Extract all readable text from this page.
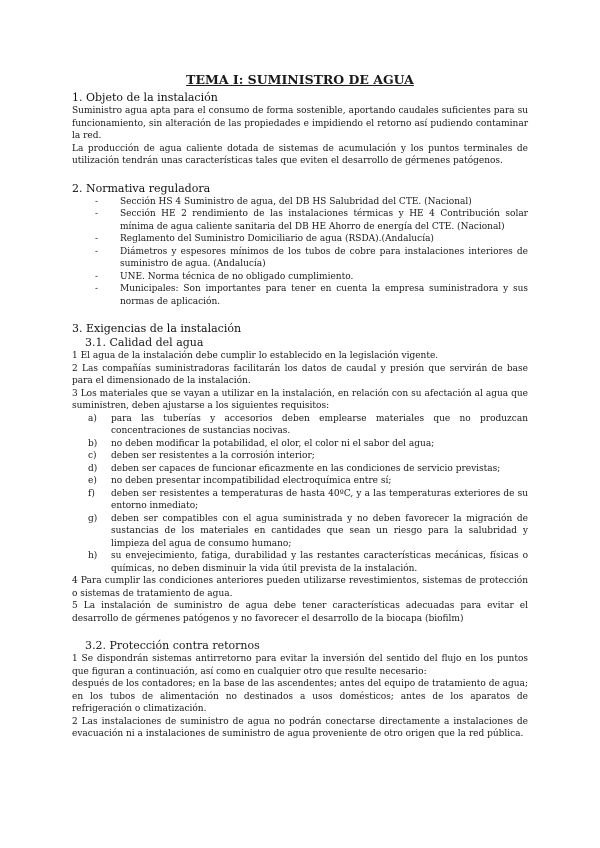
TEMA I: SUMINISTRO DE AGUA
1. Objeto de la instalación

Suministro agua apta para el consumo de forma sostenible, aportando caudales suficientes para su funcionamiento, sin alteración de las propiedades e impidiendo el retorno así pudiendo contaminar la red.

La producción de agua caliente dotada de sistemas de acumulación y los puntos terminales de utilización tendrán unas características tales que eviten el desarrollo de gérmenes patógenos.

2. Normativa reguladora
- Sección HS 4 Suministro de agua, del DB HS Salubridad del CTE. (Nacional)
- Sección HE 2 rendimiento de las instalaciones térmicas y HE 4 Contribución solar mínima de agua caliente sanitaria del DB HE Ahorro de energía del CTE. (Nacional)
- Reglamento del Suministro Domiciliario de agua (RSDA).(Andalucía)
- Diámetros y espesores mínimos de los tubos de cobre para instalaciones interiores de suministro de agua. (Andalucía)
- UNE. Norma técnica de no obligado cumplimiento.
- Municipales: Son importantes para tener en cuenta la empresa suministradora y sus normas de aplicación.
3. Exigencias de la instalación
3.1. Calidad del agua

1 El agua de la instalación debe cumplir lo establecido en la legislación vigente.

2 Las compañías suministradoras facilitarán los datos de caudal y presión que servirán de base para el dimensionado de la instalación.

3 Los materiales que se vayan a utilizar en la instalación, en relación con su afectación al agua que suministren, deben ajustarse a los siguientes requisitos:

a) para las tuberías y accesorios deben emplearse materiales que no produzcan concentraciones de sustancias nocivas.
b) no deben modificar la potabilidad, el olor, el color ni el sabor del agua;
c) deben ser resistentes a la corrosión interior;
d) deben ser capaces de funcionar eficazmente en las condiciones de servicio previstas;
e) no deben presentar incompatibilidad electroquímica entre sí;
f) deben ser resistentes a temperaturas de hasta 40ºC, y a las temperaturas exteriores de su entorno inmediato;
g) deben ser compatibles con el agua suministrada y no deben favorecer la migración de sustancias de los materiales en cantidades que sean un riesgo para la salubridad y limpieza del agua de consumo humano;
h) su envejecimiento, fatiga, durabilidad y las restantes características mecánicas, físicas o químicas, no deben disminuir la vida útil prevista de la instalación.

4 Para cumplir las condiciones anteriores pueden utilizarse revestimientos, sistemas de protección o sistemas de tratamiento de agua.

5 La instalación de suministro de agua debe tener características adecuadas para evitar el desarrollo de gérmenes patógenos y no favorecer el desarrollo de la biocapa (biofilm)

3.2. Protección contra retornos

1 Se dispondrán sistemas antirretorno para evitar la inversión del sentido del flujo en los puntos que figuran a continuación, así como en cualquier otro que resulte necesario:

después de los contadores; en la base de las ascendentes; antes del equipo de tratamiento de agua; en los tubos de alimentación no destinados a usos domésticos; antes de los aparatos de refrigeración o climatización.

2 Las instalaciones de suministro de agua no podrán conectarse directamente a instalaciones de evacuación ni a instalaciones de suministro de agua proveniente de otro origen que la red pública.
